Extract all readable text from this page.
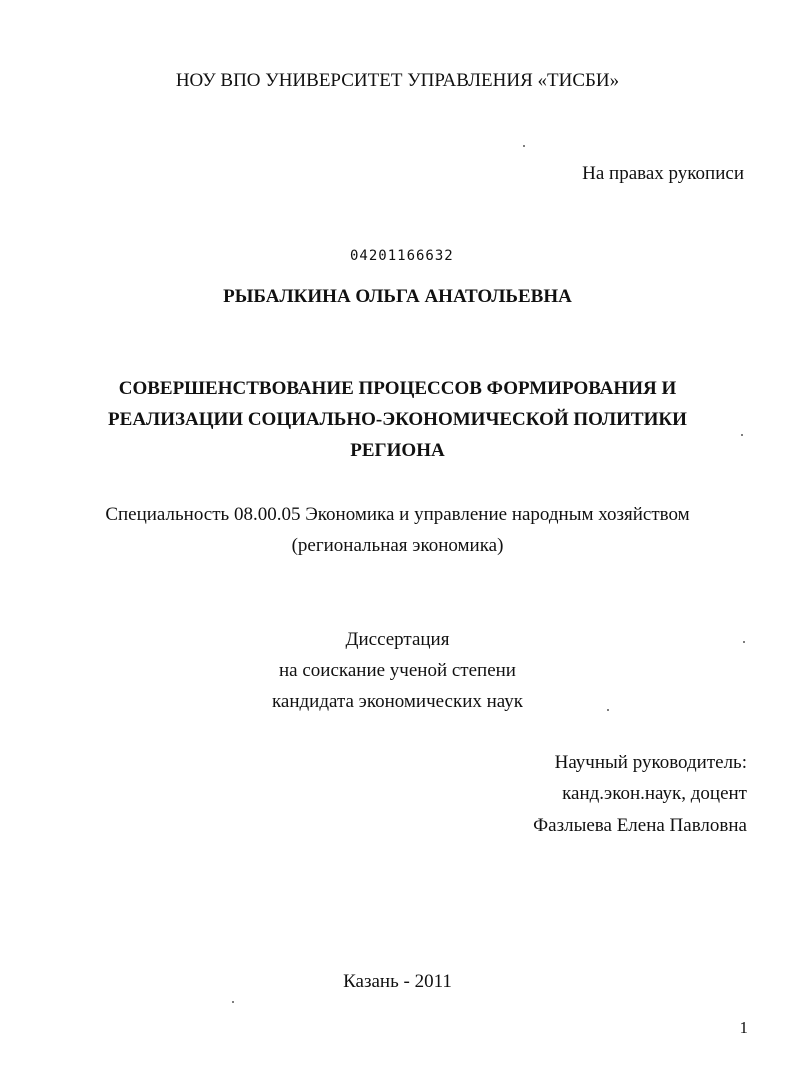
НОУ ВПО УНИВЕРСИТЕТ УПРАВЛЕНИЯ «ТИСБИ»
На правах рукописи
04201166632
РЫБАЛКИНА ОЛЬГА АНАТОЛЬЕВНА
СОВЕРШЕНСТВОВАНИЕ ПРОЦЕССОВ ФОРМИРОВАНИЯ И
РЕАЛИЗАЦИИ СОЦИАЛЬНО-ЭКОНОМИЧЕСКОЙ ПОЛИТИКИ
РЕГИОНА
Специальность 08.00.05 Экономика и управление народным хозяйством
(региональная экономика)
Диссертация
на соискание ученой степени
кандидата экономических наук
Научный руководитель:
канд.экон.наук, доцент
Фазлыева Елена Павловна
Казань - 2011
1
